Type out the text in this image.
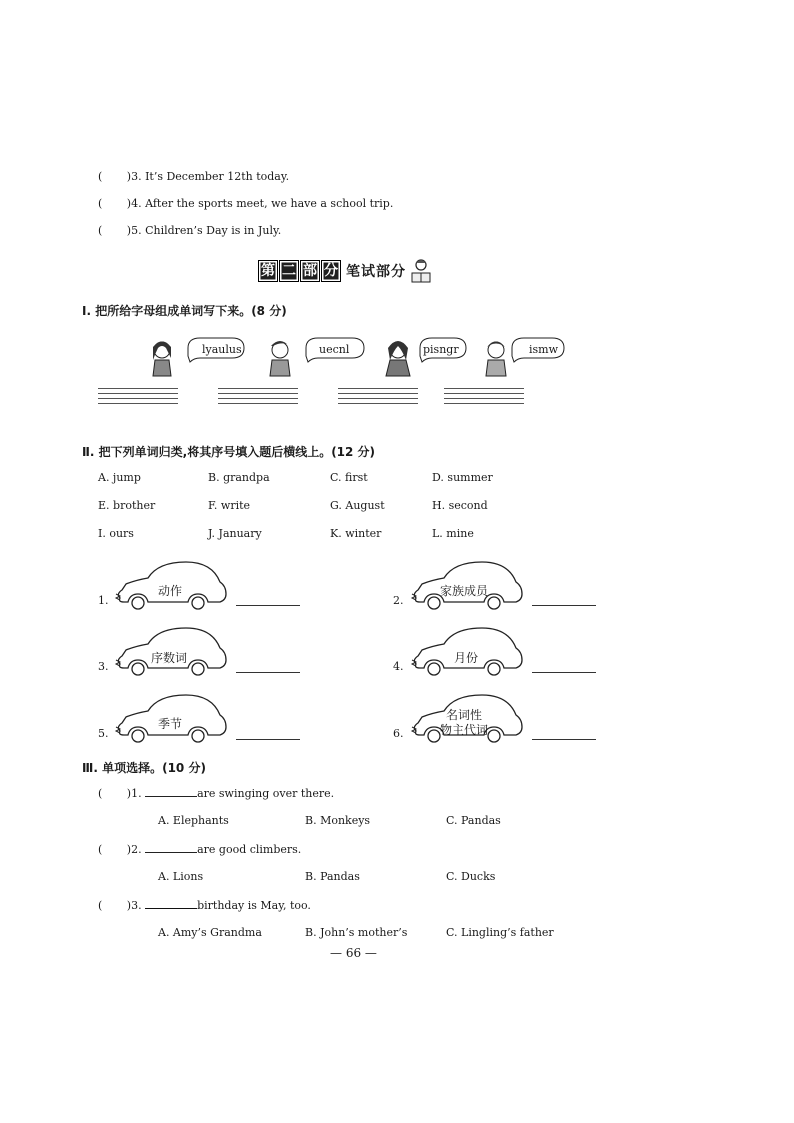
(       )3. It’s December 12th today.
(       )4. After the sports meet, we have a school trip.
(       )5. Children’s Day is in July.
第 二 部 分 笔试部分
Ⅰ. 把所给字母组成单词写下来。(8 分)
lyaulus	uecnl	pisngr	ismw
Ⅱ. 把下列单词归类,将其序号填入题后横线上。(12 分)
A. jump	B. grandpa	C. first	D. summer
E. brother	F. write	G. August	H. second
I. ours	J. January	K. winter	L. mine
1.
动作
2.
家族成员
3.
序数词
4.
月份
5.
季节
6.
名词性
物主代词
Ⅲ. 单项选择。(10 分)
(       )1.	are swinging over there.
A. Elephants	B. Monkeys	C. Pandas
(       )2.	are good climbers.
A. Lions	B. Pandas	C. Ducks
(       )3.	birthday is May, too.
A. Amy’s Grandma	B. John’s mother’s	C. Lingling’s father
— 66 —
